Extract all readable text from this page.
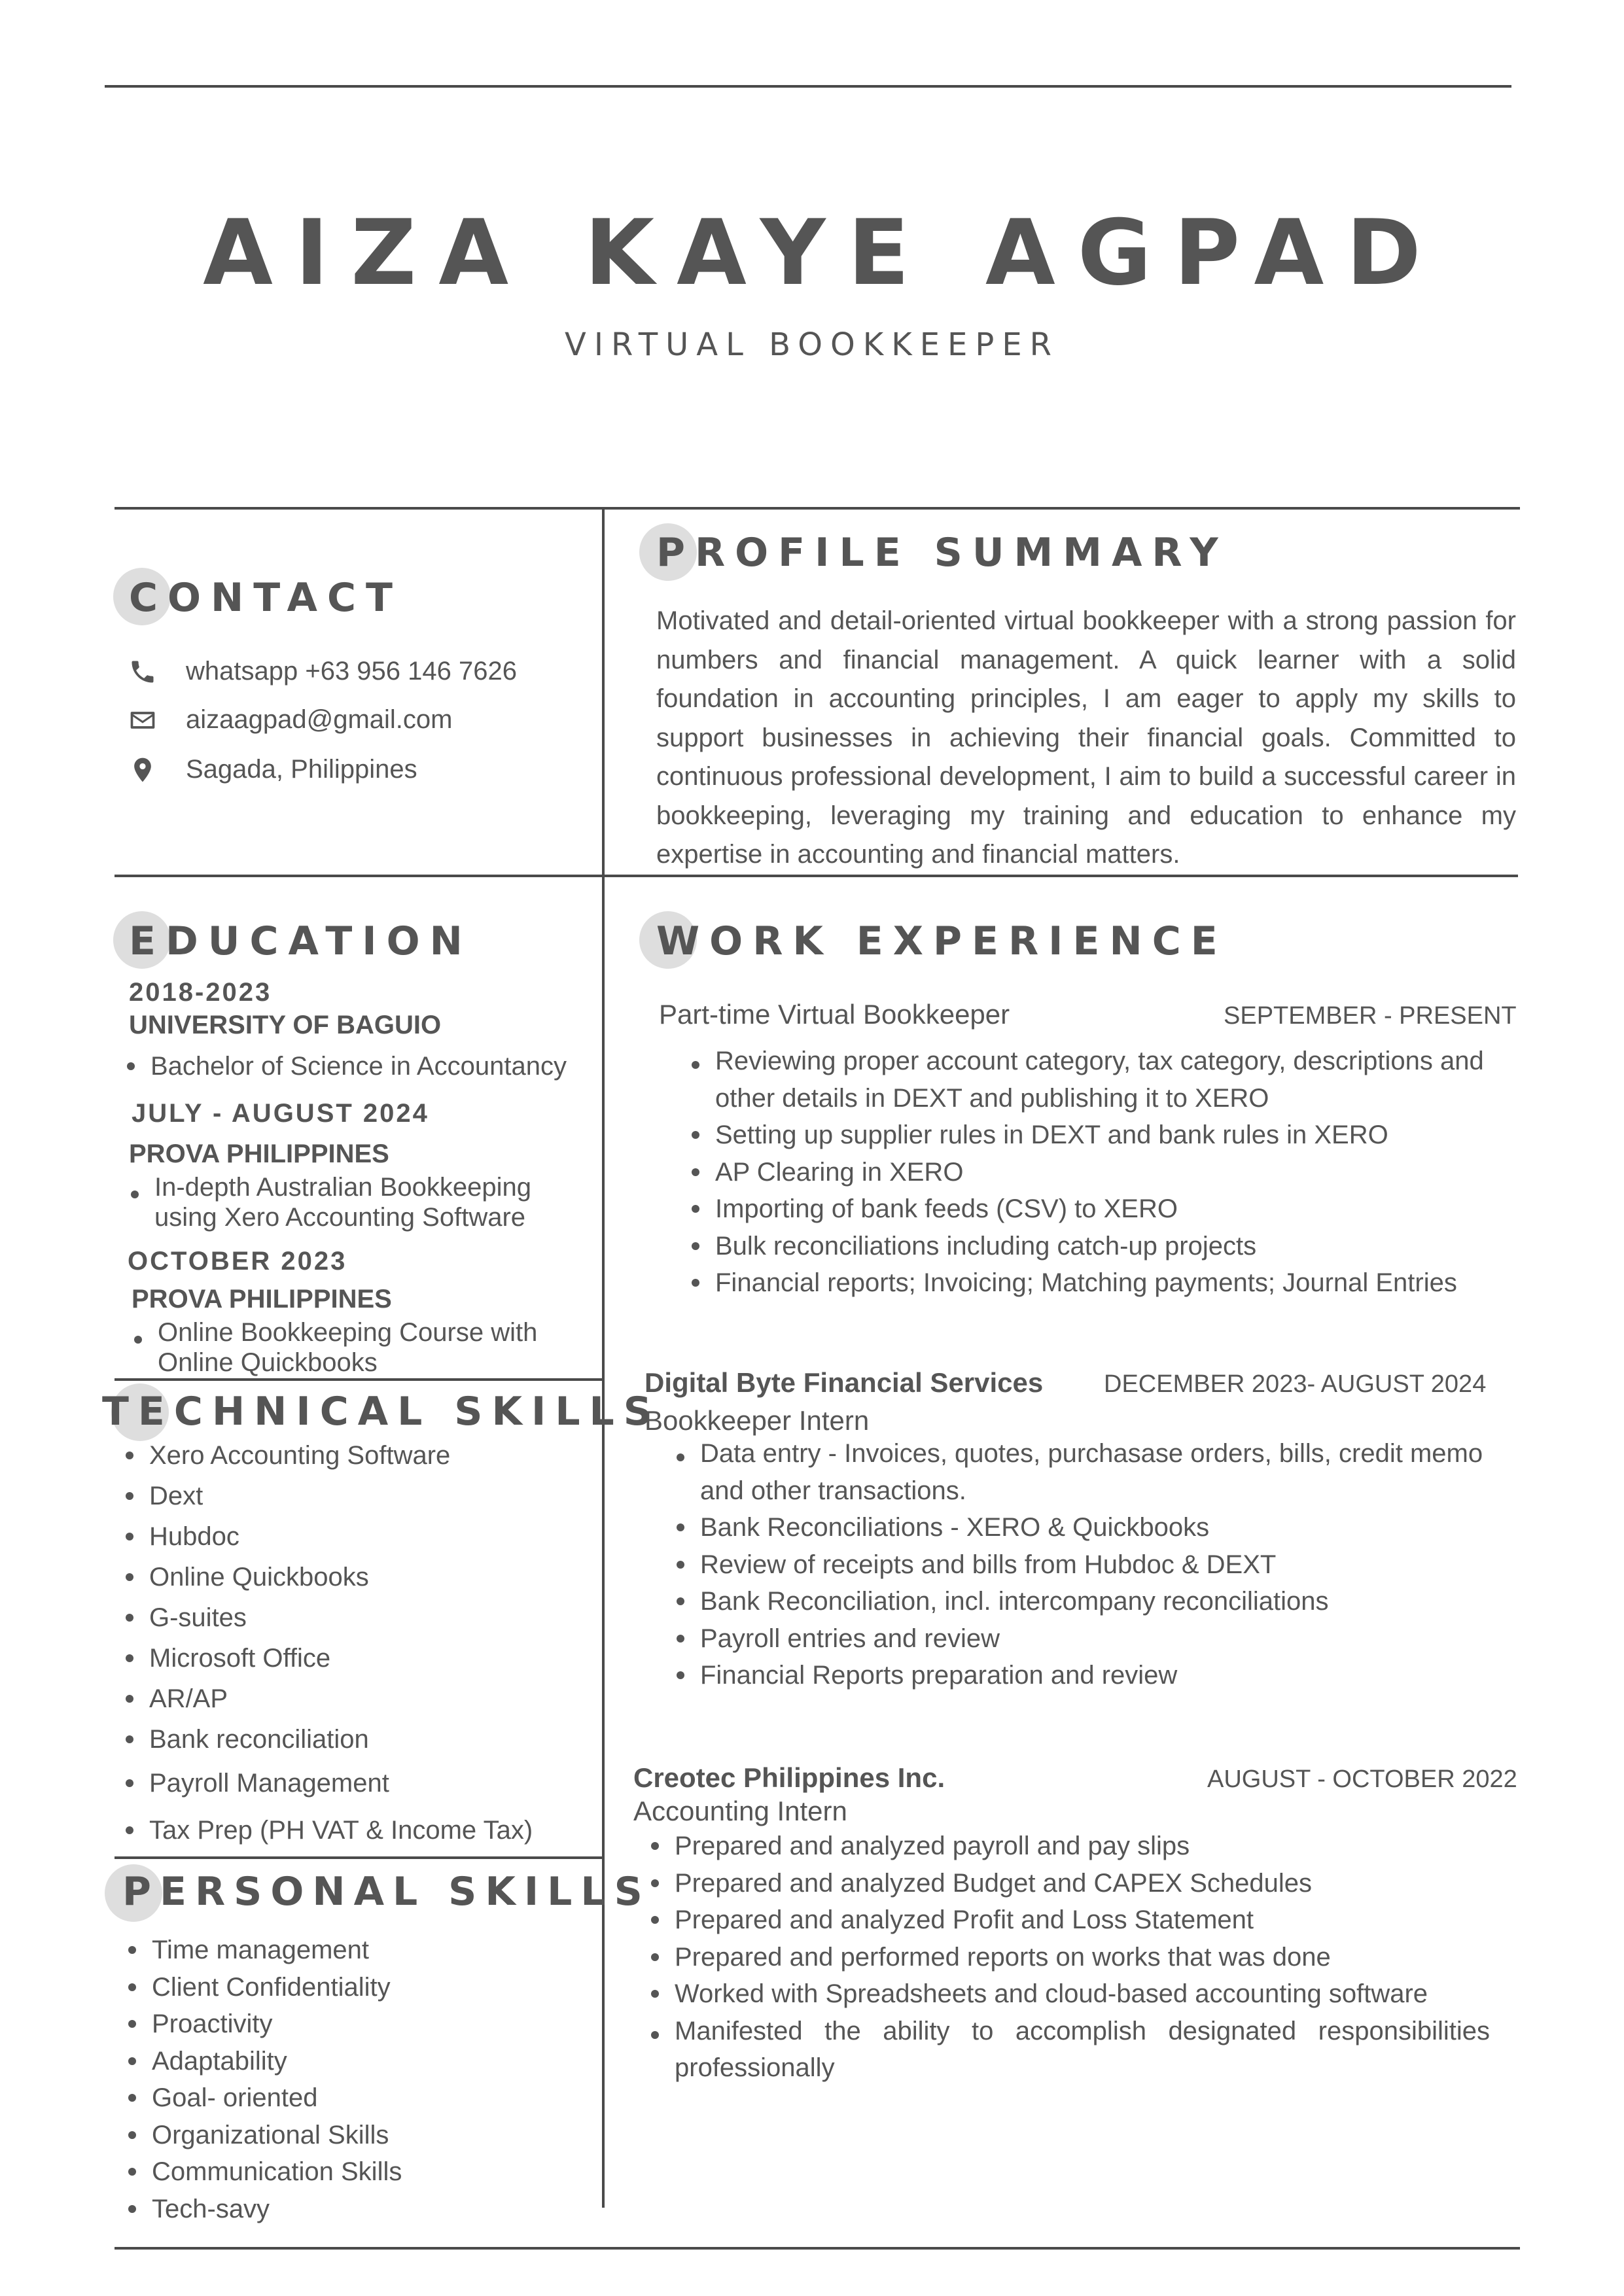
AIZA KAYE AGPAD
VIRTUAL BOOKKEEPER
CONTACT
whatsapp +63 956 146 7626
aizaagpad@gmail.com
Sagada, Philippines
PROFILE SUMMARY
Motivated and detail-oriented virtual bookkeeper with a strong passion for numbers and financial management. A quick learner with a solid foundation in accounting principles, I am eager to apply my skills to support businesses in achieving their financial goals. Committed to continuous professional development, I aim to build a successful career in bookkeeping, leveraging my training and education to enhance my expertise in accounting and financial matters.
EDUCATION
2018-2023
UNIVERSITY OF BAGUIO
Bachelor of Science in Accountancy
JULY - AUGUST 2024
PROVA PHILIPPINES
In-depth Australian Bookkeeping using Xero Accounting Software
OCTOBER 2023
PROVA PHILIPPINES
Online Bookkeeping Course with Online Quickbooks
TECHNICAL SKILLS
Xero Accounting Software
Dext
Hubdoc
Online Quickbooks
G-suites
Microsoft Office
AR/AP
Bank reconciliation
Payroll Management
Tax Prep (PH VAT & Income Tax)
PERSONAL SKILLS
Time management
Client Confidentiality
Proactivity
Adaptability
Goal- oriented
Organizational Skills
Communication Skills
Tech-savy
WORK EXPERIENCE
Part-time Virtual Bookkeeper	SEPTEMBER - PRESENT
Reviewing proper account category, tax category, descriptions and other details in DEXT and publishing it to XERO
Setting up supplier rules in DEXT and bank rules in XERO
AP Clearing in XERO
Importing of bank feeds (CSV) to XERO
Bulk reconciliations including catch-up projects
Financial reports; Invoicing; Matching payments; Journal Entries
Digital Byte Financial Services DECEMBER 2023- AUGUST 2024
Bookkeeper Intern
Data entry - Invoices, quotes, purchasase orders, bills, credit memo and other transactions.
Bank Reconciliations - XERO & Quickbooks
Review of receipts and bills from Hubdoc & DEXT
Bank Reconciliation, incl. intercompany reconciliations
Payroll entries and review
Financial Reports preparation and review
Creotec Philippines Inc.	AUGUST - OCTOBER 2022
Accounting Intern
Prepared and analyzed payroll and pay slips
Prepared and analyzed Budget and CAPEX Schedules
Prepared and analyzed Profit and Loss Statement
Prepared and performed reports on works that was done
Worked with Spreadsheets and cloud-based accounting software
Manifested the ability to accomplish designated responsibilities professionally
